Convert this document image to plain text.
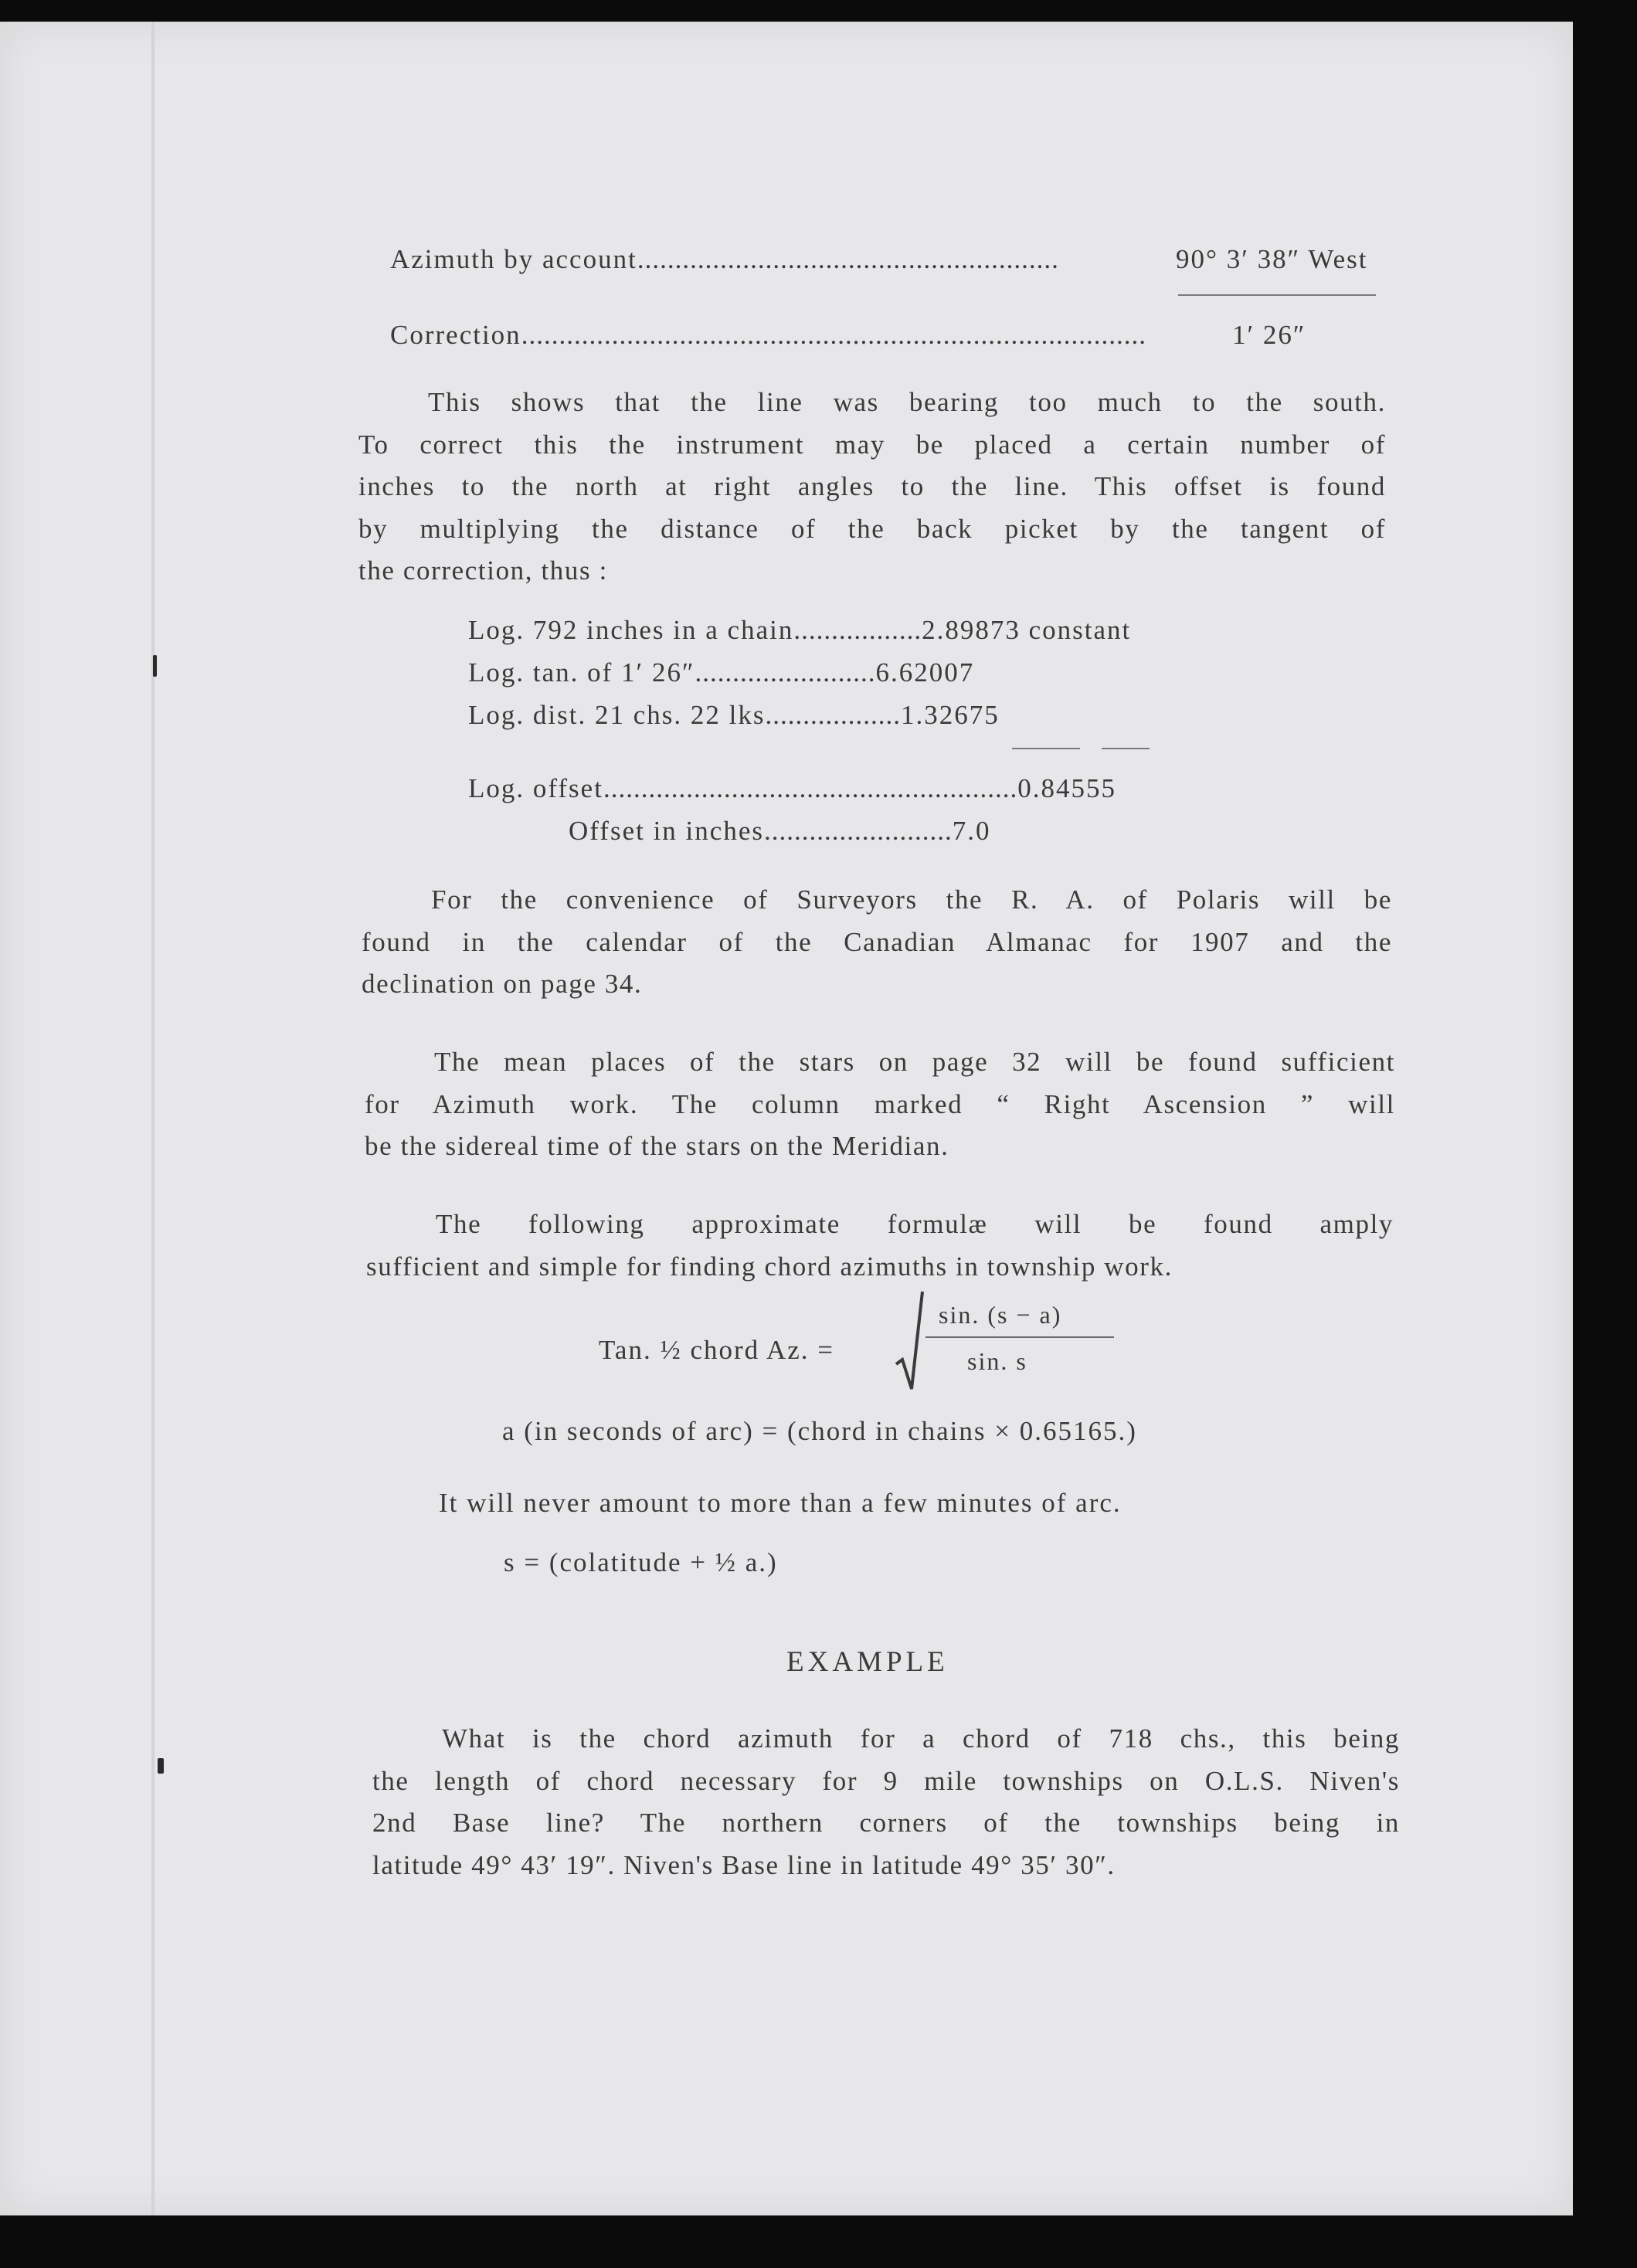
Azimuth by account........................................................	90° 3′ 38″ West
Correction...................................................................................	1′ 26″
This shows that the line was bearing too much to the south.
To correct this the instrument may be placed a certain number of
inches to the north at right angles to the line. This offset is found
by multiplying the distance of the back picket by the tangent of
the correction, thus :
Log. 792 inches in a chain.................2.89873 constant
Log. tan. of 1′ 26″........................6.62007
Log. dist. 21 chs. 22 lks..................1.32675
Log. offset.......................................................0.84555
Offset in inches.........................7.0
For the convenience of Surveyors the R. A. of Polaris will be
found in the calendar of the Canadian Almanac for 1907 and the
declination on page 34.
The mean places of the stars on page 32 will be found sufficient
for Azimuth work. The column marked “ Right Ascension ” will
be the sidereal time of the stars on the Meridian.
The following approximate formulæ will be found amply
sufficient and simple for finding chord azimuths in township work.
Tan. ½ chord Az. =
sin. (s − a)
sin. s
a (in seconds of arc) = (chord in chains × 0.65165.)
It will never amount to more than a few minutes of arc.
s = (colatitude + ½ a.)
EXAMPLE
What is the chord azimuth for a chord of 718 chs., this being
the length of chord necessary for 9 mile townships on O.L.S. Niven's
2nd Base line? The northern corners of the townships being in
latitude 49° 43′ 19″. Niven's Base line in latitude 49° 35′ 30″.
